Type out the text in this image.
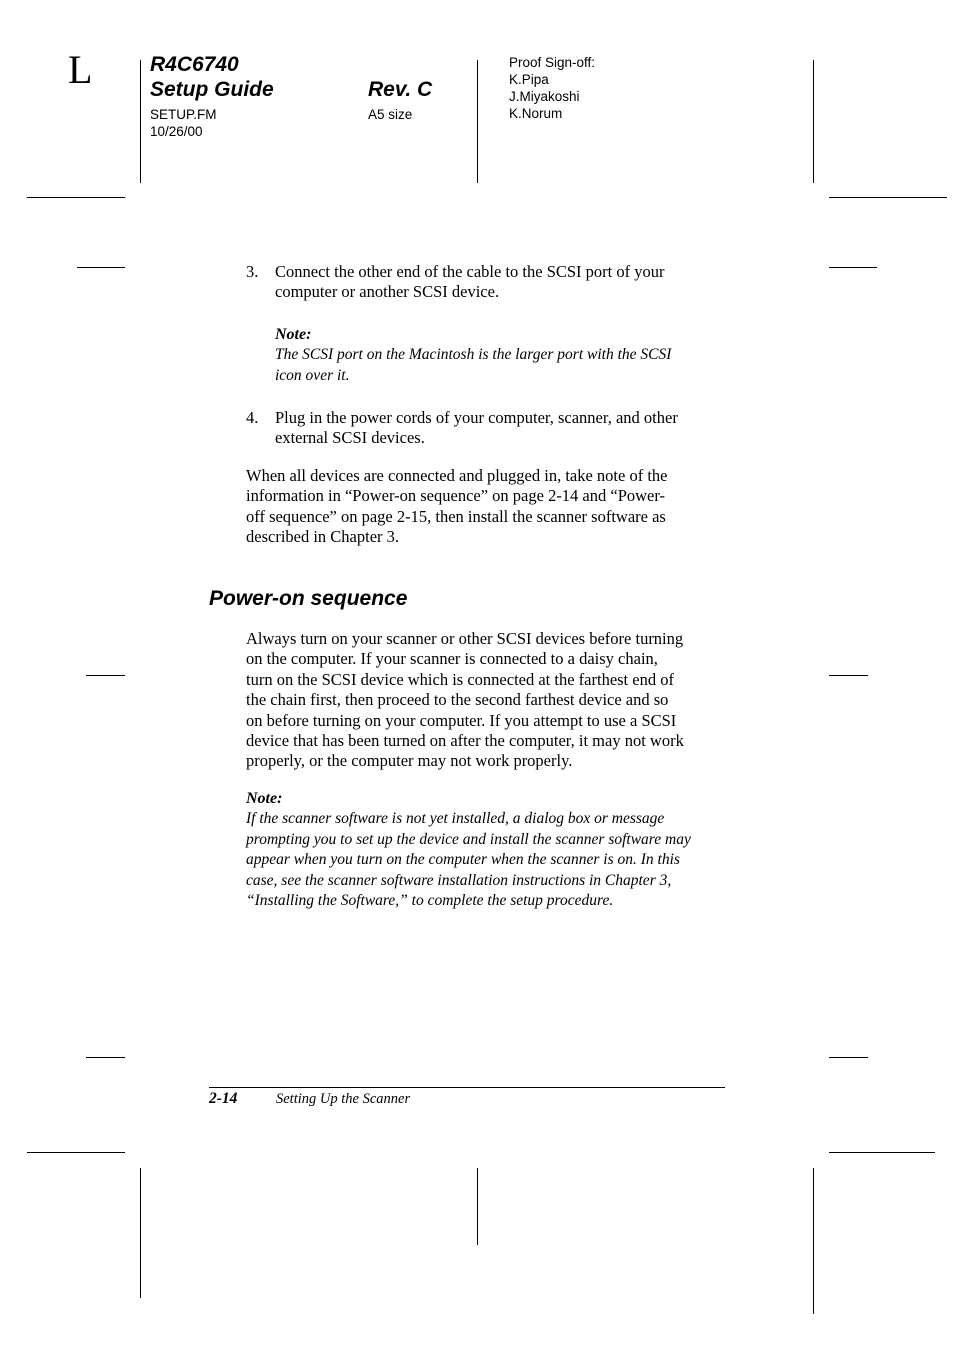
L	R4C6740
Setup Guide	Rev. C
SETUP.FM
10/26/00
A5 size
Proof Sign-off:
K.Pipa
J.Miyakoshi
K.Norum
3.	Connect the other end of the cable to the SCSI port of your
computer or another SCSI device.
Note:
The SCSI port on the Macintosh is the larger port with the SCSI
icon over it.
4.	Plug in the power cords of your computer, scanner, and other
external SCSI devices.
When all devices are connected and plugged in, take note of the
information in “Power-on sequence” on page 2-14 and “Power-
off sequence” on page 2-15, then install the scanner software as
described in Chapter 3.
Power-on sequence
Always turn on your scanner or other SCSI devices before turning
on the computer. If your scanner is connected to a daisy chain,
turn on the SCSI device which is connected at the farthest end of
the chain first, then proceed to the second farthest device and so
on before turning on your computer. If you attempt to use a SCSI
device that has been turned on after the computer, it may not work
properly, or the computer may not work properly.
Note:
If the scanner software is not yet installed, a dialog box or message
prompting you to set up the device and install the scanner software may
appear when you turn on the computer when the scanner is on. In this
case, see the scanner software installation instructions in Chapter 3,
“Installing the Software,” to complete the setup procedure.
2-14	Setting Up the Scanner
